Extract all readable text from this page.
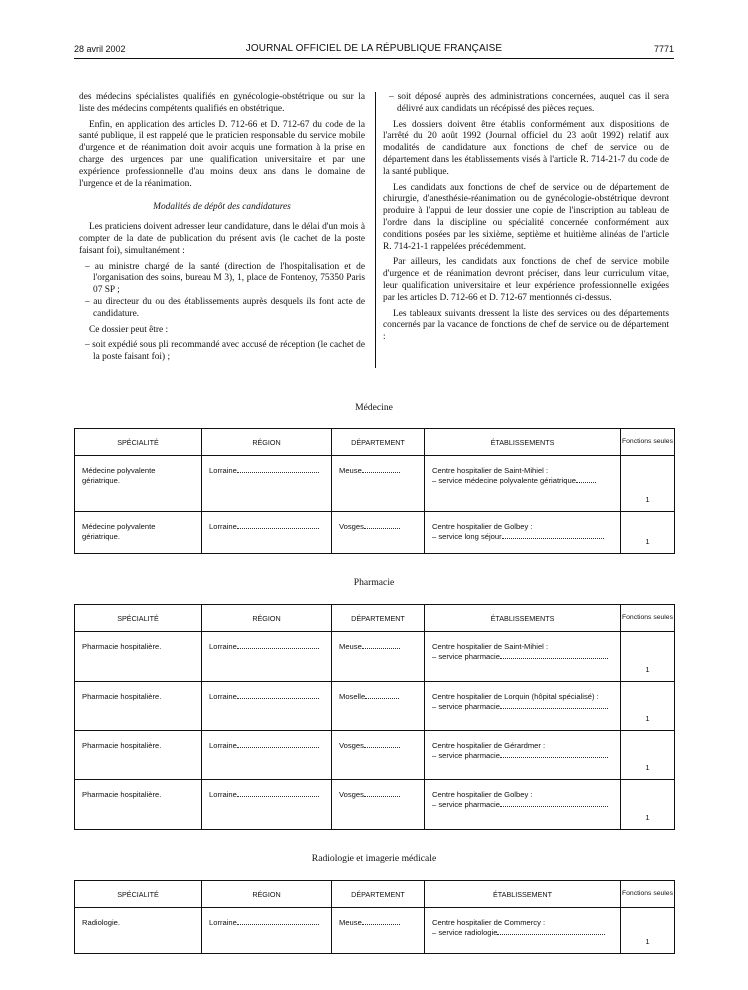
28 avril 2002	JOURNAL OFFICIEL DE LA RÉPUBLIQUE FRANÇAISE	7771

des médecins spécialistes qualifiés en gynécologie-obstétrique ou sur la liste des médecins compétents qualifiés en obstétrique.

Enfin, en application des articles D. 712-66 et D. 712-67 du code de la santé publique, il est rappelé que le praticien responsable du service mobile d'urgence et de réanimation doit avoir acquis une formation à la prise en charge des urgences par une qualification universitaire et par une expérience professionnelle d'au moins deux ans dans le domaine de l'urgence et de la réanimation.

Modalités de dépôt des candidatures

Les praticiens doivent adresser leur candidature, dans le délai d'un mois à compter de la date de publication du présent avis (le cachet de la poste faisant foi), simultanément :

– au ministre chargé de la santé (direction de l'hospitalisation et de l'organisation des soins, bureau M 3), 1, place de Fontenoy, 75350 Paris 07 SP ;
– au directeur du ou des établissements auprès desquels ils font acte de candidature.

Ce dossier peut être :

– soit expédié sous pli recommandé avec accusé de réception (le cachet de la poste faisant foi) ;
– soit déposé auprès des administrations concernées, auquel cas il sera délivré aux candidats un récépissé des pièces reçues.

Les dossiers doivent être établis conformément aux dispositions de l'arrêté du 20 août 1992 (Journal officiel du 23 août 1992) relatif aux modalités de candidature aux fonctions de chef de service ou de département dans les établissements visés à l'article R. 714-21-7 du code de la santé publique.

Les candidats aux fonctions de chef de service ou de département de chirurgie, d'anesthésie-réanimation ou de gynécologie-obstétrique devront produire à l'appui de leur dossier une copie de l'inscription au tableau de l'ordre dans la discipline ou spécialité concernée conformément aux conditions posées par les sixième, septième et huitième alinéas de l'article R. 714-21-1 rappelées précédemment.

Par ailleurs, les candidats aux fonctions de chef de service mobile d'urgence et de réanimation devront préciser, dans leur curriculum vitae, leur qualification universitaire et leur expérience professionnelle exigées par les articles D. 712-66 et D. 712-67 mentionnés ci-dessus.

Les tableaux suivants dressent la liste des services ou des départements concernés par la vacance de fonctions de chef de service ou de département :

Médecine
SPÉCIALITÉ	RÉGION	DÉPARTEMENT	ÉTABLISSEMENTS	Fonctions seules

Médecine polyvalente gériatrique.	Lorraine	Meuse	Centre hospitalier de Saint-Mihiel :
– service médecine polyvalente gériatrique	1

Médecine polyvalente gériatrique.	Lorraine	Vosges	Centre hospitalier de Golbey :
– service long séjour	1
Pharmacie
SPÉCIALITÉ	RÉGION	DÉPARTEMENT	ÉTABLISSEMENTS	Fonctions seules

Pharmacie hospitalière.	Lorraine	Meuse	Centre hospitalier de Saint-Mihiel :
– service pharmacie	1

Pharmacie hospitalière.	Lorraine	Moselle	Centre hospitalier de Lorquin (hôpital spécialisé) :
– service pharmacie	1

Pharmacie hospitalière.	Lorraine	Vosges	Centre hospitalier de Gérardmer :
– service pharmacie	1

Pharmacie hospitalière.	Lorraine	Vosges	Centre hospitalier de Golbey :
– service pharmacie	1
Radiologie et imagerie médicale
SPÉCIALITÉ	RÉGION	DÉPARTEMENT	ÉTABLISSEMENT	Fonctions seules

Radiologie.	Lorraine	Meuse	Centre hospitalier de Commercy :
– service radiologie	1
